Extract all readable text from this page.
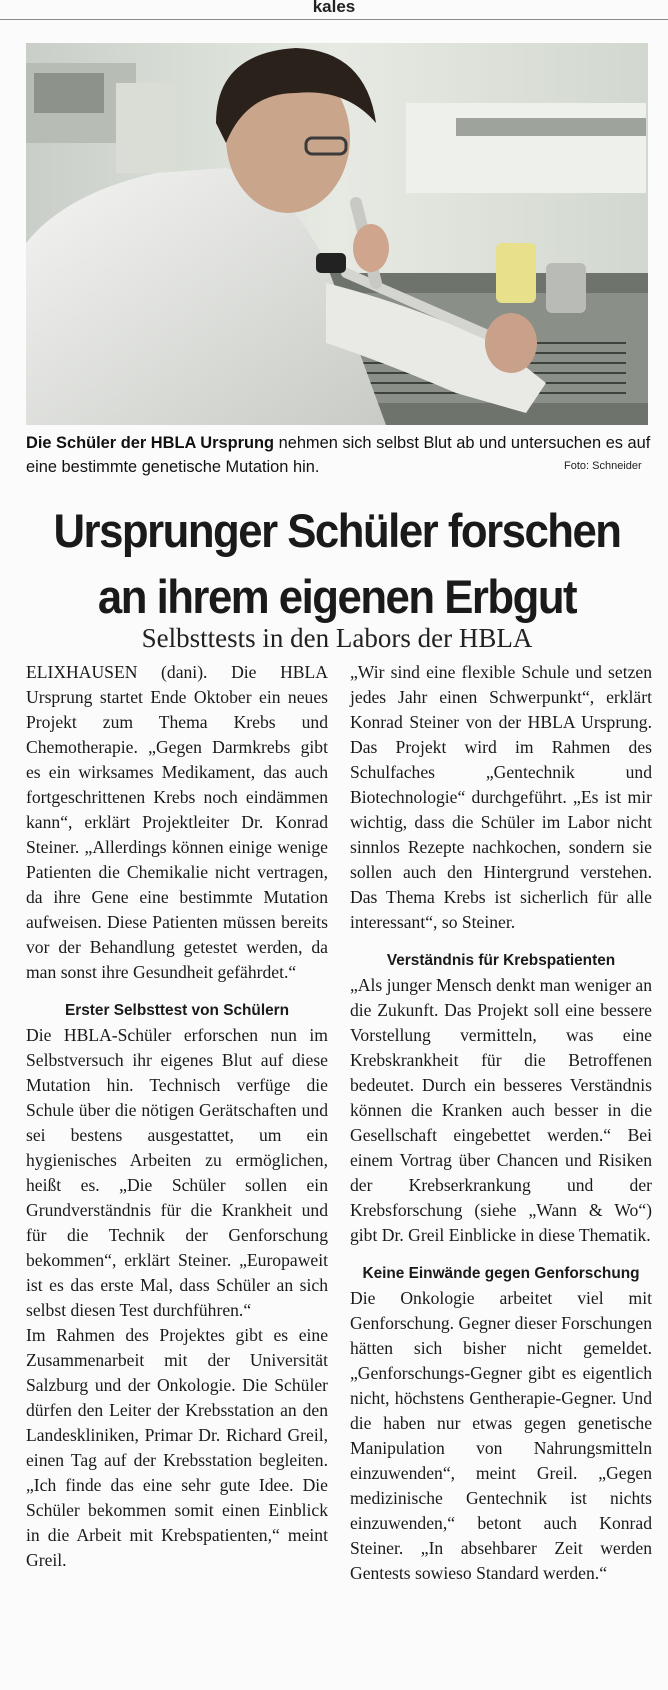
kales
Die Schüler der HBLA Ursprung nehmen sich selbst Blut ab und untersuchen es auf eine bestimmte genetische Mutation hin.	Foto: Schneider
Ursprunger Schüler forschen
an ihrem eigenen Erbgut
Selbsttests in den Labors der HBLA

ELIXHAUSEN (dani). Die HBLA Ursprung startet Ende Oktober ein neues Projekt zum Thema Krebs und Chemotherapie. „Gegen Darmkrebs gibt es ein wirksames Medikament, das auch fortgeschrittenen Krebs noch eindämmen kann“, erklärt Projektleiter Dr. Konrad Steiner. „Allerdings können einige wenige Patienten die Chemikalie nicht vertragen, da ihre Gene eine bestimmte Mutation aufweisen. Diese Patienten müssen bereits vor der Behandlung getestet werden, da man sonst ihre Gesundheit gefährdet.“

Erster Selbsttest von Schülern

Die HBLA-Schüler erforschen nun im Selbstversuch ihr eigenes Blut auf diese Mutation hin. Technisch verfüge die Schule über die nötigen Gerätschaften und sei bestens ausgestattet, um ein hygienisches Arbeiten zu ermöglichen, heißt es. „Die Schüler sollen ein Grundverständnis für die Krankheit und für die Technik der Genforschung bekommen“, erklärt Steiner. „Europaweit ist es das erste Mal, dass Schüler an sich selbst diesen Test durchführen.“

Im Rahmen des Projektes gibt es eine Zusammenarbeit mit der Universität Salzburg und der Onkologie. Die Schüler dürfen den Leiter der Krebsstation an den Landeskliniken, Primar Dr. Richard Greil, einen Tag auf der Krebsstation begleiten. „Ich finde das eine sehr gute Idee. Die Schüler bekommen somit einen Einblick in die Arbeit mit Krebspatienten,“ meint Greil.

„Wir sind eine flexible Schule und setzen jedes Jahr einen Schwerpunkt“, erklärt Konrad Steiner von der HBLA Ursprung. Das Projekt wird im Rahmen des Schulfaches „Gentechnik und Biotechnologie“ durchgeführt. „Es ist mir wichtig, dass die Schüler im Labor nicht sinnlos Rezepte nachkochen, sondern sie sollen auch den Hintergrund verstehen. Das Thema Krebs ist sicherlich für alle interessant“, so Steiner.

Verständnis für Krebspatienten

„Als junger Mensch denkt man weniger an die Zukunft. Das Projekt soll eine bessere Vorstellung vermitteln, was eine Krebskrankheit für die Betroffenen bedeutet. Durch ein besseres Verständnis können die Kranken auch besser in die Gesellschaft eingebettet werden.“ Bei einem Vortrag über Chancen und Risiken der Krebserkrankung und der Krebsforschung (siehe „Wann & Wo“) gibt Dr. Greil Einblicke in diese Thematik.

Keine Einwände gegen Genforschung

Die Onkologie arbeitet viel mit Genforschung. Gegner dieser Forschungen hätten sich bisher nicht gemeldet. „Genforschungs-Gegner gibt es eigentlich nicht, höchstens Gentherapie-Gegner. Und die haben nur etwas gegen genetische Manipulation von Nahrungsmitteln einzuwenden“, meint Greil. „Gegen medizinische Gentechnik ist nichts einzuwenden,“ betont auch Konrad Steiner. „In absehbarer Zeit werden Gentests sowieso Standard werden.“
